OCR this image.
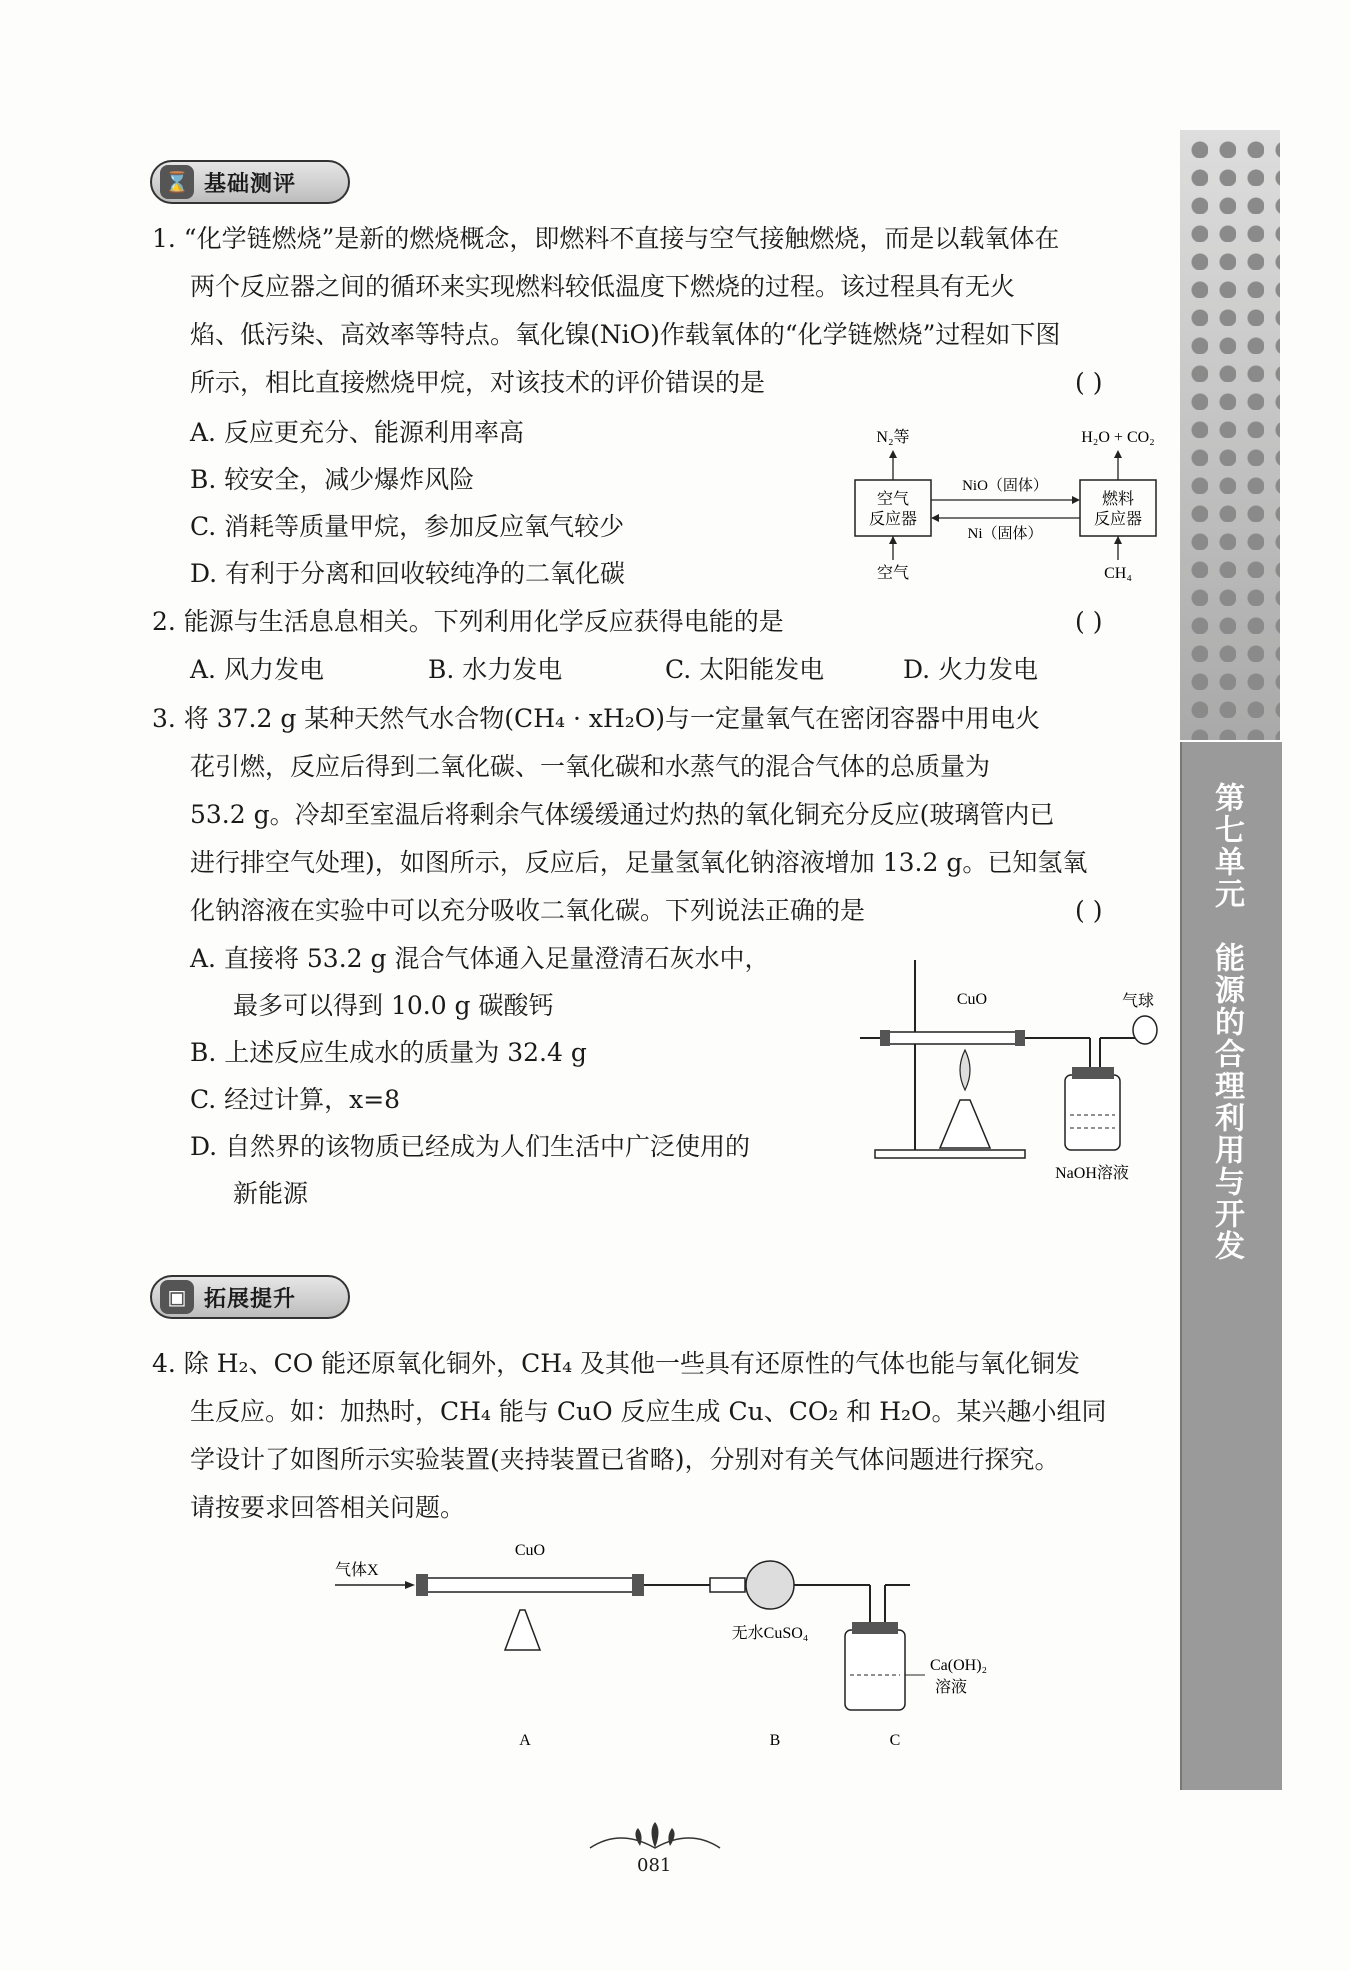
⌛ 基础测评
1. “化学链燃烧”是新的燃烧概念，即燃料不直接与空气接触燃烧，而是以载氧体在
两个反应器之间的循环来实现燃料较低温度下燃烧的过程。该过程具有无火
焰、低污染、高效率等特点。氧化镍(NiO)作载氧体的“化学链燃烧”过程如下图
所示，相比直接燃烧甲烷，对该技术的评价错误的是	( )
A. 反应更充分、能源利用率高
B. 较安全，减少爆炸风险
C. 消耗等质量甲烷，参加反应氧气较少
D. 有利于分离和回收较纯净的二氧化碳
空气
反应器
燃料
反应器
N₂等
空气
H₂O + CO₂
CH₄
NiO（固体）
Ni（固体）
2. 能源与生活息息相关。下列利用化学反应获得电能的是	( )
A. 风力发电	B. 水力发电	C. 太阳能发电	D. 火力发电
3. 将 37.2 g 某种天然气水合物(CH₄ · xH₂O)与一定量氧气在密闭容器中用电火
花引燃，反应后得到二氧化碳、一氧化碳和水蒸气的混合气体的总质量为
53.2 g。冷却至室温后将剩余气体缓缓通过灼热的氧化铜充分反应(玻璃管内已
进行排空气处理)，如图所示，反应后，足量氢氧化钠溶液增加 13.2 g。已知氢氧
化钠溶液在实验中可以充分吸收二氧化碳。下列说法正确的是	( )
A. 直接将 53.2 g 混合气体通入足量澄清石灰水中，
最多可以得到 10.0 g 碳酸钙
B. 上述反应生成水的质量为 32.4 g
C. 经过计算，x=8
D. 自然界的该物质已经成为人们生活中广泛使用的
新能源
CuO	气球
NaOH溶液
▣ 拓展提升
4. 除 H₂、CO 能还原氧化铜外，CH₄ 及其他一些具有还原性的气体也能与氧化铜发
生反应。如：加热时，CH₄ 能与 CuO 反应生成 Cu、CO₂ 和 H₂O。某兴趣小组同
学设计了如图所示实验装置(夹持装置已省略)，分别对有关气体问题进行探究。
请按要求回答相关问题。
气体X
CuO
无水CuSO₄
Ca(OH)₂
溶液
A	B	C
第七单元　能源的合理利用与开发
081
